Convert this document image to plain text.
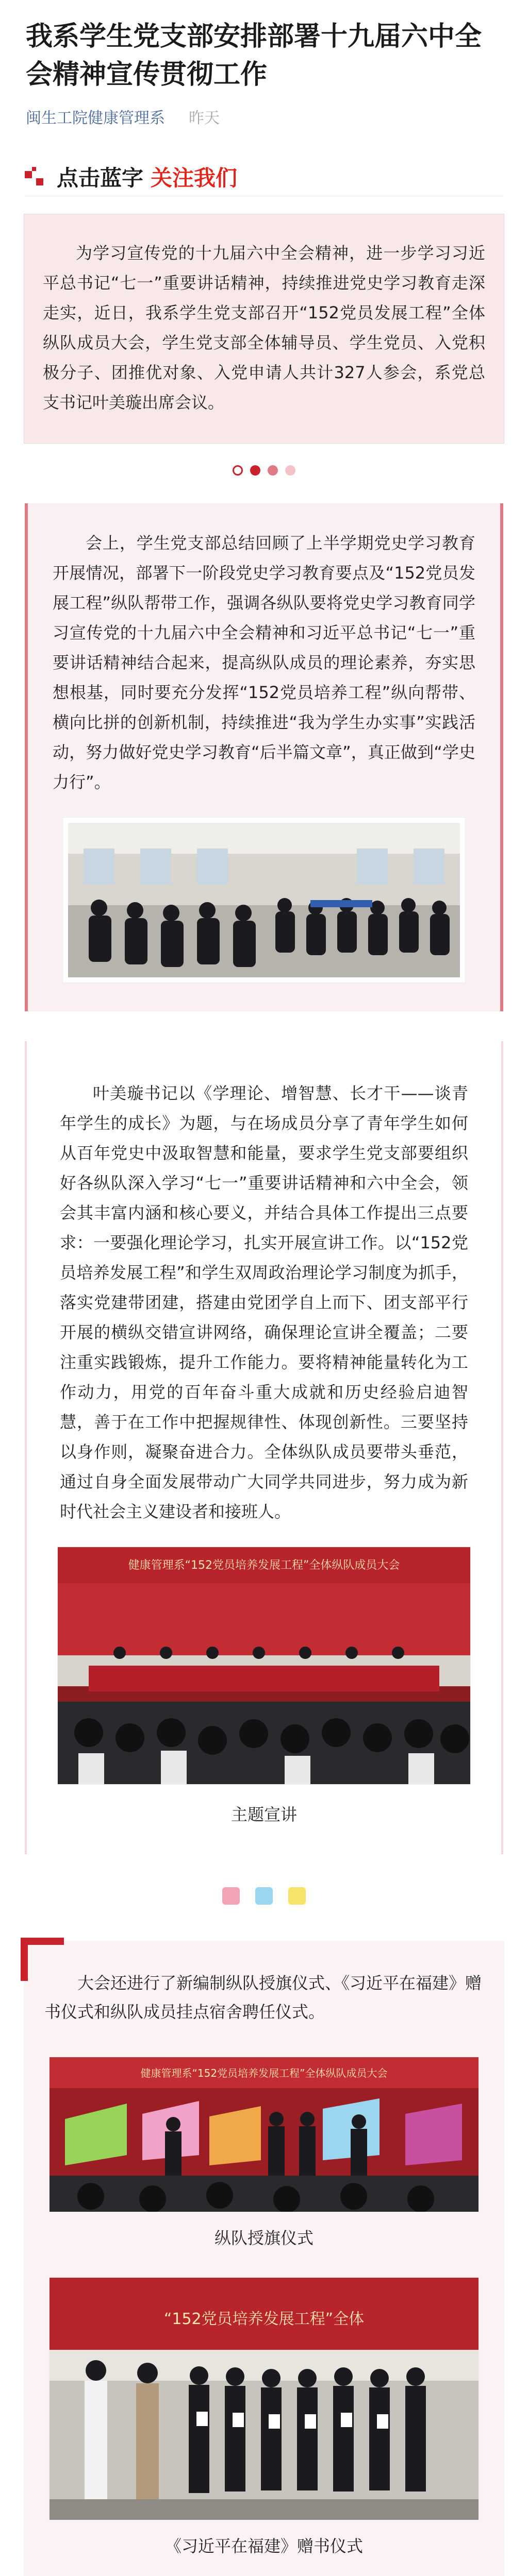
我系学生党支部安排部署十九届六中全会精神宣传贯彻工作
闽生工院健康管理系 昨天
点击蓝字 关注我们

为学习宣传党的十九届六中全会精神，进一步学习习近平总书记“七一”重要讲话精神，持续推进党史学习教育走深走实，近日，我系学生党支部召开“152党员发展工程”全体纵队成员大会，学生党支部全体辅导员、学生党员、入党积极分子、团推优对象、入党申请人共计327人参会，系党总支书记叶美璇出席会议。

会上，学生党支部总结回顾了上半学期党史学习教育开展情况，部署下一阶段党史学习教育要点及“152党员发展工程”纵队帮带工作，强调各纵队要将党史学习教育同学习宣传党的十九届六中全会精神和习近平总书记“七一”重要讲话精神结合起来，提高纵队成员的理论素养，夯实思想根基，同时要充分发挥“152党员培养工程”纵向帮带、横向比拼的创新机制，持续推进“我为学生办实事”实践活动，努力做好党史学习教育“后半篇文章”，真正做到“学史力行”。

叶美璇书记以《学理论、增智慧、长才干——谈青年学生的成长》为题，与在场成员分享了青年学生如何从百年党史中汲取智慧和能量，要求学生党支部要组织好各纵队深入学习“七一”重要讲话精神和六中全会，领会其丰富内涵和核心要义，并结合具体工作提出三点要求：一要强化理论学习，扎实开展宣讲工作。以“152党员培养发展工程”和学生双周政治理论学习制度为抓手，落实党建带团建，搭建由党团学自上而下、团支部平行开展的横纵交错宣讲网络，确保理论宣讲全覆盖；二要注重实践锻炼，提升工作能力。要将精神能量转化为工作动力，用党的百年奋斗重大成就和历史经验启迪智慧，善于在工作中把握规律性、体现创新性。三要坚持以身作则，凝聚奋进合力。全体纵队成员要带头垂范，通过自身全面发展带动广大同学共同进步，努力成为新时代社会主义建设者和接班人。

健康管理系“152党员培养发展工程”全体纵队成员大会
主题宣讲

大会还进行了新编制纵队授旗仪式、《习近平在福建》赠书仪式和纵队成员挂点宿舍聘任仪式。

健康管理系“152党员培养发展工程”全体纵队成员大会
纵队授旗仪式
“152党员培养发展工程”全体
《习近平在福建》赠书仪式
